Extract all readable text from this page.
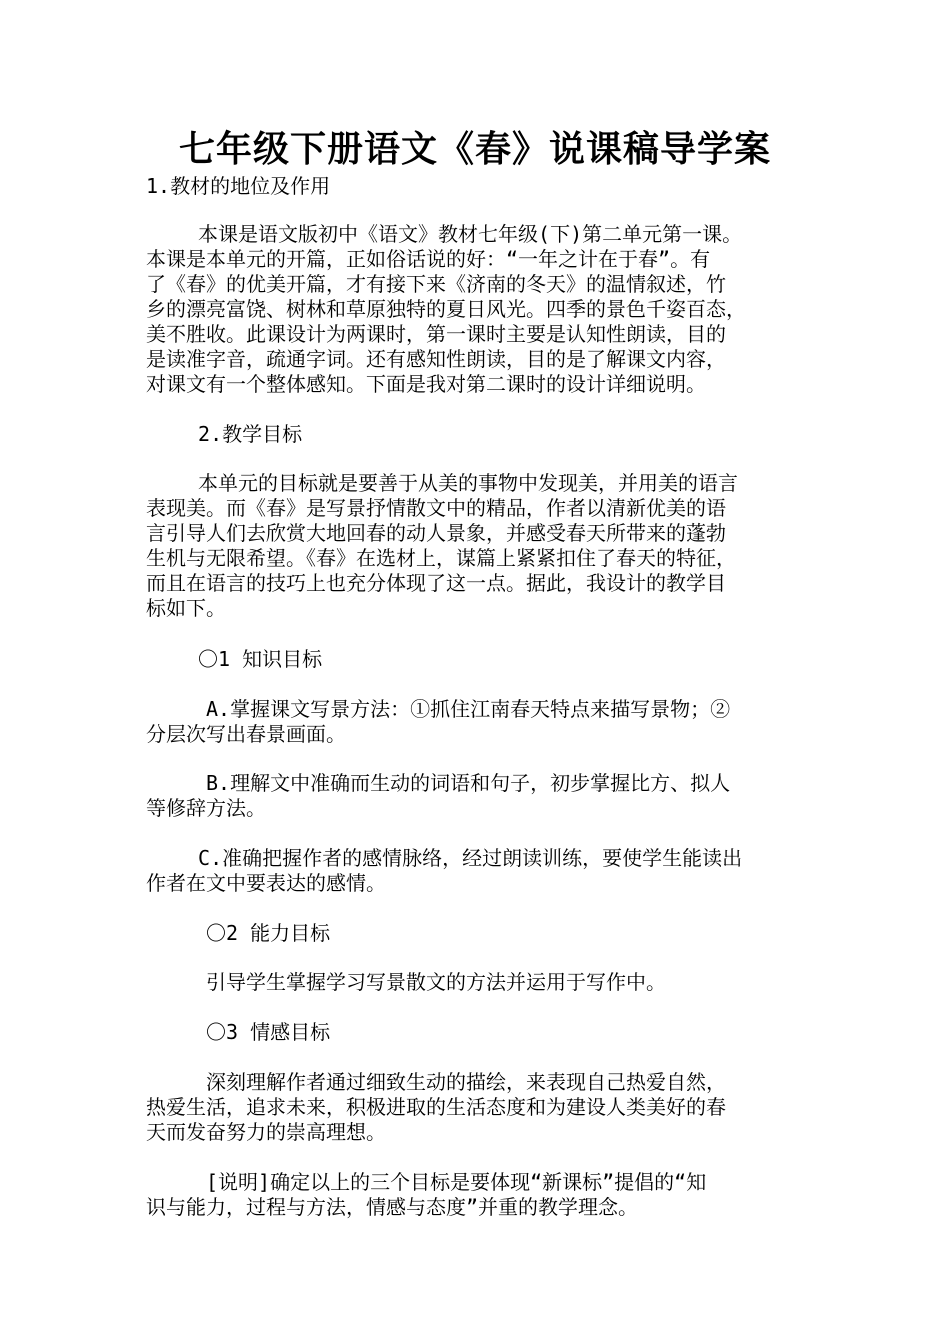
七年级下册语文《春》说课稿导学案
1.教材的地位及作用
　　 本课是语文版初中《语文》教材七年级(下)第二单元第一课。
本课是本单元的开篇，正如俗话说的好：“一年之计在于春”。有
了《春》的优美开篇，才有接下来《济南的冬天》的温情叙述，竹
乡的漂亮富饶、树林和草原独特的夏日风光。四季的景色千姿百态，
美不胜收。此课设计为两课时，第一课时主要是认知性朗读，目的
是读准字音，疏通字词。还有感知性朗读，目的是了解课文内容，
对课文有一个整体感知。下面是我对第二课时的设计详细说明。
　　 2.教学目标
　　 本单元的目标就是要善于从美的事物中发现美，并用美的语言
表现美。而《春》是写景抒情散文中的精品，作者以清新优美的语
言引导人们去欣赏大地回春的动人景象，并感受春天所带来的蓬勃
生机与无限希望。《春》在选材上，谋篇上紧紧扣住了春天的特征，
而且在语言的技巧上也充分体现了这一点。据此，我设计的教学目
标如下。
　　 〇1 知识目标
　　　A.掌握课文写景方法：①抓住江南春天特点来描写景物；②
分层次写出春景画面。
　　　B.理解文中准确而生动的词语和句子，初步掌握比方、拟人
等修辞方法。
　　 C.准确把握作者的感情脉络，经过朗读训练，要使学生能读出
作者在文中要表达的感情。
　　　〇2 能力目标
　　　引导学生掌握学习写景散文的方法并运用于写作中。
　　　〇3 情感目标
　　　深刻理解作者通过细致生动的描绘，来表现自己热爱自然，
热爱生活，追求未来，积极进取的生活态度和为建设人类美好的春
天而发奋努力的崇高理想。
　　　[说明]确定以上的三个目标是要体现“新课标”提倡的“知
识与能力，过程与方法，情感与态度”并重的教学理念。
